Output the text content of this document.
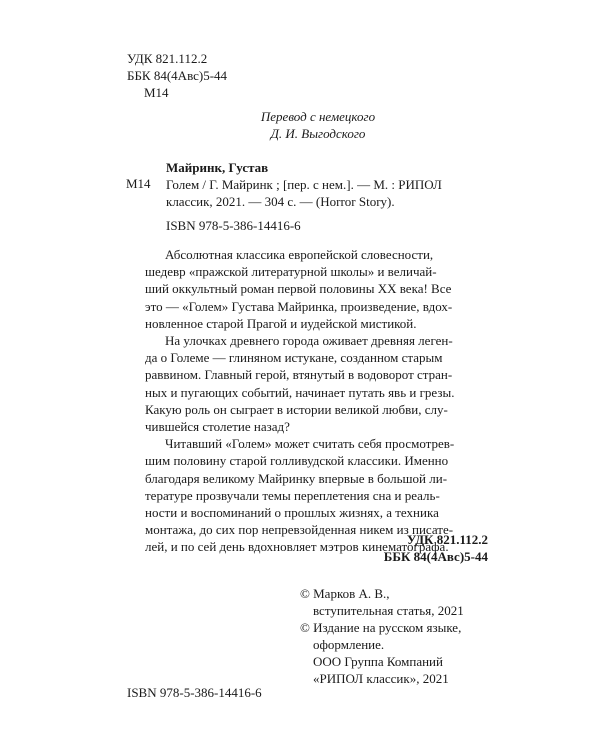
УДК 821.112.2
ББК 84(4Авс)5-44
М14
Перевод с немецкого
Д. И. Выгодского
Майринк, Густав
М14 Голем / Г. Майринк ; [пер. с нем.]. — М. : РИПОЛ
классик, 2021. — 304 с. — (Horror Story).
ISBN 978-5-386-14416-6
Абсолютная классика европейской словесности,
шедевр «пражской литературной школы» и величай-
ший оккультный роман первой половины XX века! Все
это — «Голем» Густава Майринка, произведение, вдох-
новленное старой Прагой и иудейской мистикой.
На улочках древнего города оживает древняя леген-
да о Големе — глиняном истукане, созданном старым
раввином. Главный герой, втянутый в водоворот стран-
ных и пугающих событий, начинает путать явь и грезы.
Какую роль он сыграет в истории великой любви, слу-
чившейся столетие назад?
Читавший «Голем» может считать себя просмотрев-
шим половину старой голливудской классики. Именно
благодаря великому Майринку впервые в большой ли-
тературе прозвучали темы переплетения сна и реаль-
ности и воспоминаний о прошлых жизнях, а техника
монтажа, до сих пор непревзойденная никем из писате-
лей, и по сей день вдохновляет мэтров кинематографа.
УДК 821.112.2
ББК 84(4Авс)5-44
© Марков А. В.,
вступительная статья, 2021
© Издание на русском языке,
оформление.
ООО Группа Компаний
«РИПОЛ классик», 2021
ISBN 978-5-386-14416-6
